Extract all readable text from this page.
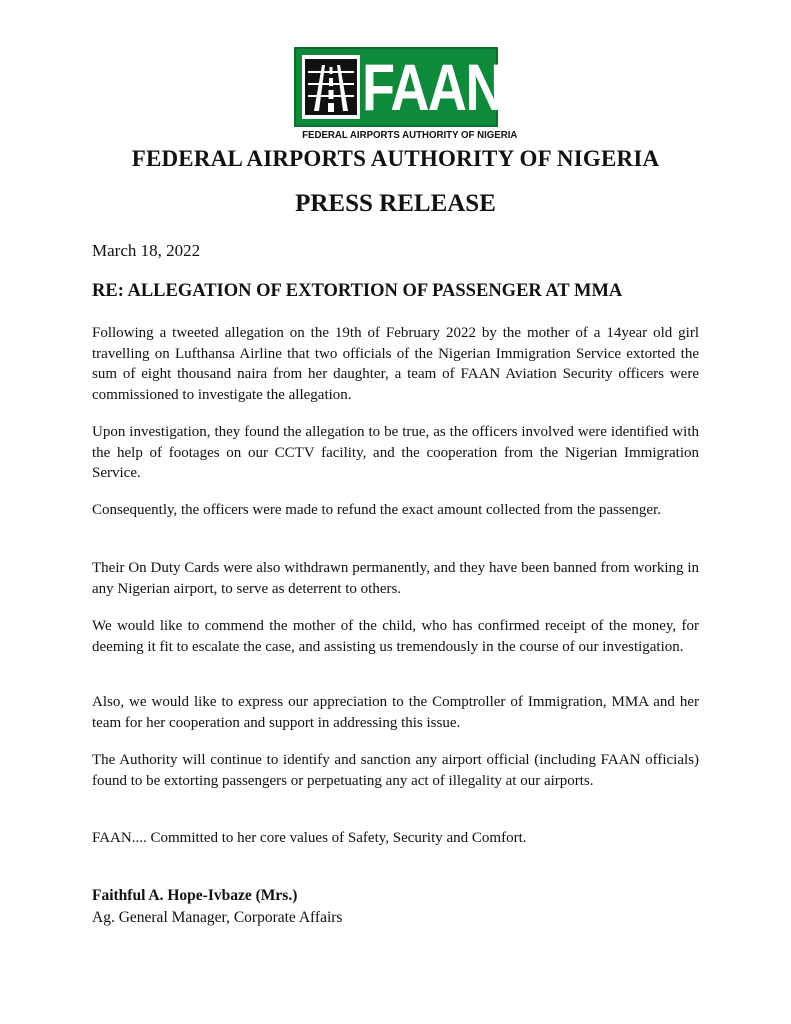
FAAN
FEDERAL AIRPORTS AUTHORITY OF NIGERIA
FEDERAL AIRPORTS AUTHORITY OF NIGERIA
PRESS RELEASE
March 18, 2022
RE: ALLEGATION OF EXTORTION OF PASSENGER AT MMA

Following a tweeted allegation on the 19th of February 2022 by the mother of a 14year old girl travelling on Lufthansa Airline that two officials of the Nigerian Immigration Service extorted the sum of eight thousand naira from her daughter, a team of FAAN Aviation Security officers were commissioned to investigate the allegation.

Upon investigation, they found the allegation to be true, as the officers involved were identified with the help of footages on our CCTV facility, and the cooperation from the Nigerian Immigration Service.

Consequently, the officers were made to refund the exact amount collected from the passenger.

Their On Duty Cards were also withdrawn permanently, and they have been banned from working in any Nigerian airport, to serve as deterrent to others.

We would like to commend the mother of the child, who has confirmed receipt of the money, for deeming it fit to escalate the case, and assisting us tremendously in the course of our investigation.

Also, we would like to express our appreciation to the Comptroller of Immigration, MMA and her team for her cooperation and support in addressing this issue.

The Authority will continue to identify and sanction any airport official (including FAAN officials) found to be extorting passengers or perpetuating any act of illegality at our airports.

FAAN.... Committed to her core values of Safety, Security and Comfort.

Faithful A. Hope-Ivbaze (Mrs.)
Ag. General Manager, Corporate Affairs
